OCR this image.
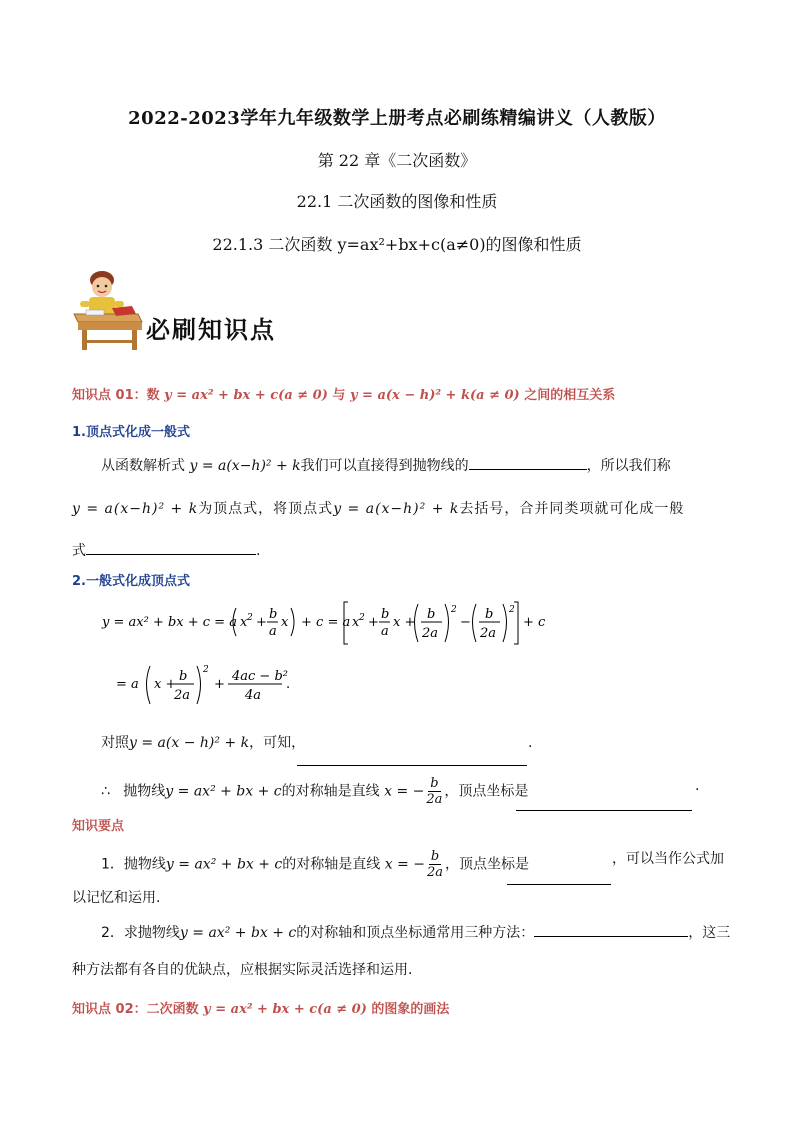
2022-2023学年九年级数学上册考点必刷练精编讲义（人教版）
第 22 章《二次函数》
22.1 二次函数的图像和性质
22.1.3 二次函数 y=ax²+bx+c(a≠0)的图像和性质
必刷知识点
知识点 01：数 y = ax² + bx + c(a ≠ 0) 与 y = a(x − h)² + k(a ≠ 0) 之间的相互关系
1.顶点式化成一般式
从函数解析式 y = a(x−h)² + k我们可以直接得到抛物线的	，所以我们称
y = a(x−h)² + k为顶点式，将顶点式y = a(x−h)² + k去括号，合并同类项就可化成一般
式	.
2.一般式化成顶点式
y = ax² + bx + c = a x 2 +
b
a
x + c = a x 2 +
b
a
x +
b
2a
2
−
b
2a
2
+ c
= a x +
b
2a
2
+
4ac − b²
4a
.
对照y = a(x − h)² + k，可知，	.
∴ 抛物线y = ax² + bx + c的对称轴是直线 x = − $\frac{b}{2a}$ ，顶点坐标是	.
知识要点
1．抛物线y = ax² + bx + c的对称轴是直线 x = − $\frac{b}{2a}$ ，顶点坐标是	，可以当作公式加
以记忆和运用.
2．求抛物线y = ax² + bx + c的对称轴和顶点坐标通常用三种方法：	，这三
种方法都有各自的优缺点，应根据实际灵活选择和运用.
知识点 02：二次函数 y = ax² + bx + c(a ≠ 0) 的图象的画法
